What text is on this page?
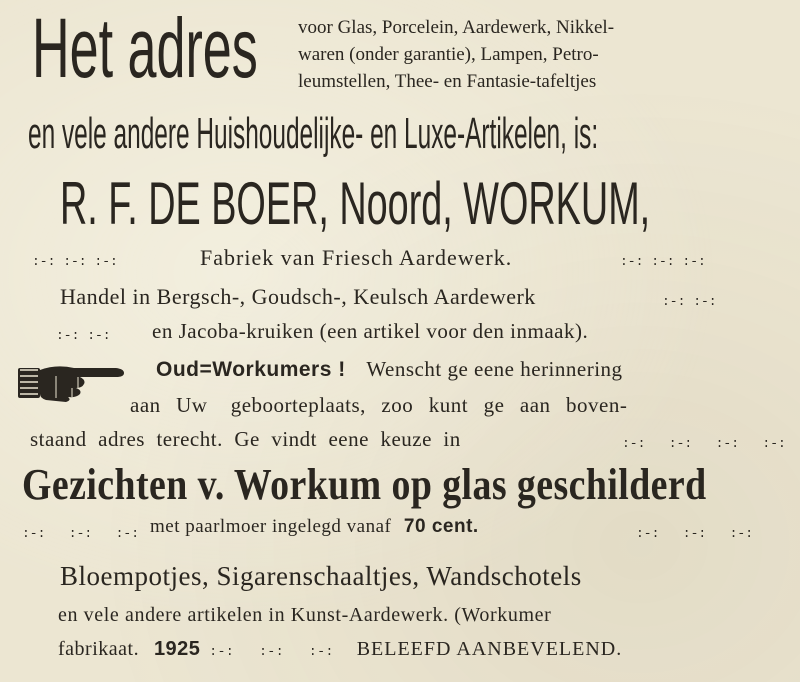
Het adres	voor Glas, Porcelein, Aardewerk, Nikkel-
waren (onder garantie), Lampen, Petro-
leumstellen, Thee- en Fantasie-tafeltjes
en vele andere Huishoudelijke- en Luxe-Artikelen, is:
R. F. DE BOER, Noord, WORKUM,
:-: :-: :-:	Fabriek van Friesch Aardewerk.	:-: :-: :-:
Handel in Bergsch-, Goudsch-, Keulsch Aardewerk	:-: :-:
:-: :-: en Jacoba-kruiken (een artikel voor den inmaak).
Oud=Workumers ! Wenscht ge eene herinnering
aan  Uw   geboorteplaats,  zoo  kunt  ge  aan  boven-
staand  adres  terecht.  Ge  vindt  eene  keuze  in	:-:   :-:   :-:   :-:
Gezichten v. Workum op glas geschilderd
:-:   :-:   :-: met paarlmoer ingelegd vanaf 70 cent.	:-:   :-:   :-:
Bloempotjes, Sigarenschaaltjes, Wandschotels
en vele andere artikelen in Kunst-Aardewerk. (Workumer
fabrikaat. 1925 :-:   :-:   :-: BELEEFD AANBEVELEND.
